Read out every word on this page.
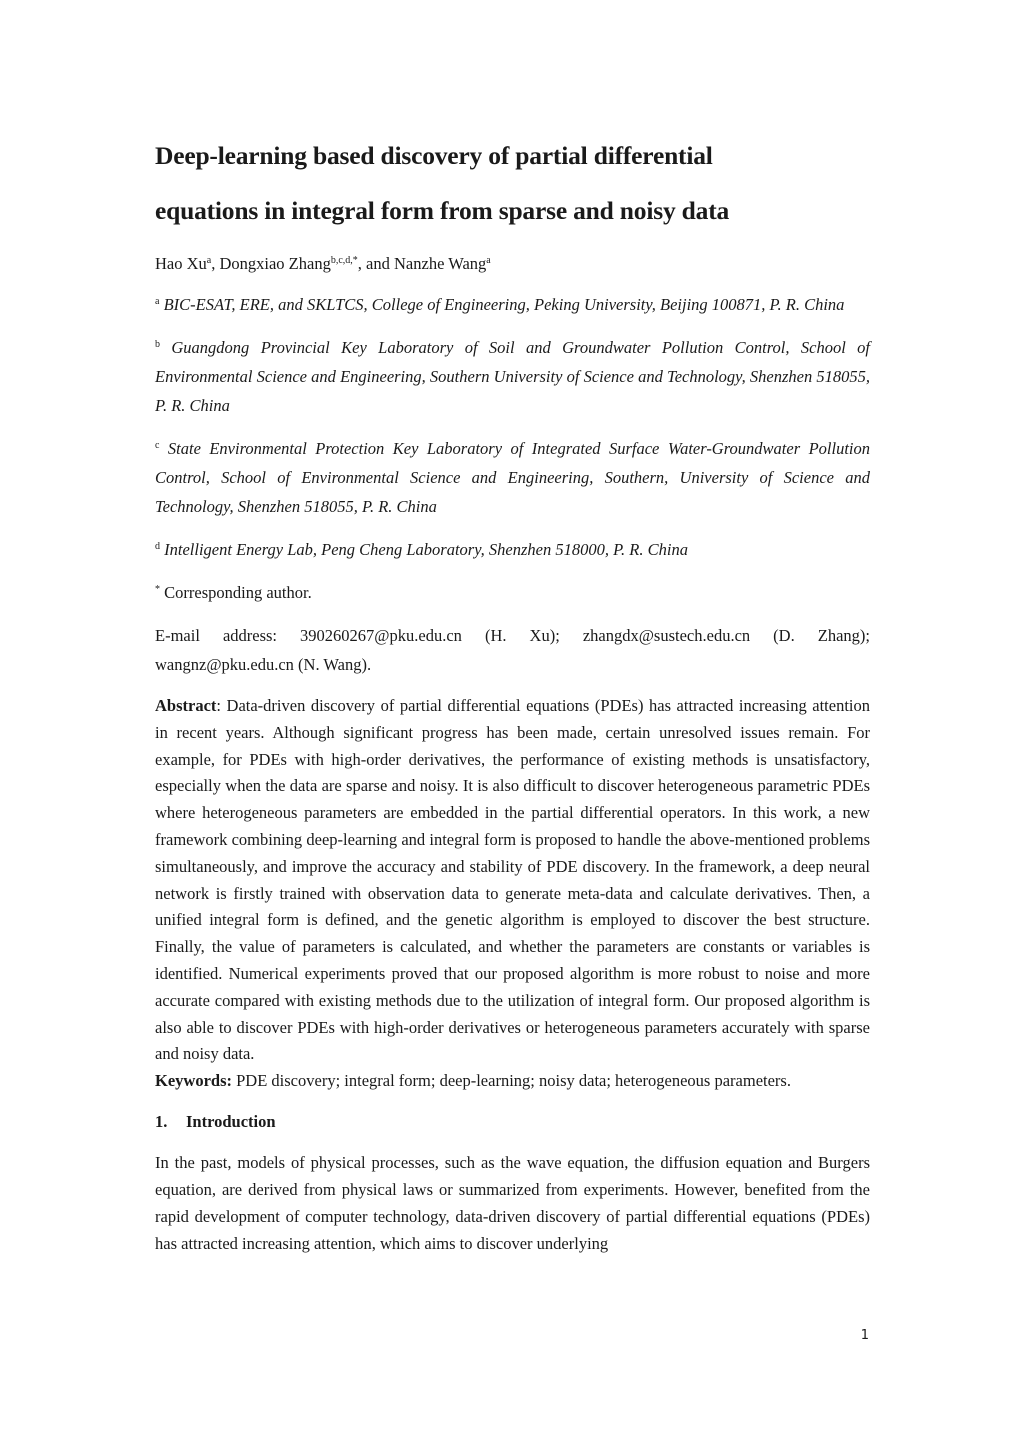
Deep-learning based discovery of partial differential
equations in integral form from sparse and noisy data

Hao Xu$^a$, Dongxiao Zhang$^{b,c,d,*}$, and Nanzhe Wang$^a$

$^a$ BIC-ESAT, ERE, and SKLTCS, College of Engineering, Peking University, Beijing 100871, P. R. China

$^b$ Guangdong Provincial Key Laboratory of Soil and Groundwater Pollution Control, School of Environmental Science and Engineering, Southern University of Science and Technology, Shenzhen 518055, P. R. China

$^c$ State Environmental Protection Key Laboratory of Integrated Surface Water-Groundwater Pollution Control, School of Environmental Science and Engineering, Southern, University of Science and Technology, Shenzhen 518055, P. R. China

$^d$ Intelligent Energy Lab, Peng Cheng Laboratory, Shenzhen 518000, P. R. China

* Corresponding author.

E-mail address: 390260267@pku.edu.cn (H. Xu); zhangdx@sustech.edu.cn (D. Zhang); wangnz@pku.edu.cn (N. Wang).

Abstract: Data-driven discovery of partial differential equations (PDEs) has attracted increasing attention in recent years. Although significant progress has been made, certain unresolved issues remain. For example, for PDEs with high-order derivatives, the performance of existing methods is unsatisfactory, especially when the data are sparse and noisy. It is also difficult to discover heterogeneous parametric PDEs where heterogeneous parameters are embedded in the partial differential operators. In this work, a new framework combining deep-learning and integral form is proposed to handle the above-mentioned problems simultaneously, and improve the accuracy and stability of PDE discovery. In the framework, a deep neural network is firstly trained with observation data to generate meta-data and calculate derivatives. Then, a unified integral form is defined, and the genetic algorithm is employed to discover the best structure. Finally, the value of parameters is calculated, and whether the parameters are constants or variables is identified. Numerical experiments proved that our proposed algorithm is more robust to noise and more accurate compared with existing methods due to the utilization of integral form. Our proposed algorithm is also able to discover PDEs with high-order derivatives or heterogeneous parameters accurately with sparse and noisy data.

Keywords: PDE discovery; integral form; deep-learning; noisy data; heterogeneous parameters.

1. Introduction

In the past, models of physical processes, such as the wave equation, the diffusion equation and Burgers equation, are derived from physical laws or summarized from experiments. However, benefited from the rapid development of computer technology, data-driven discovery of partial differential equations (PDEs) has attracted increasing attention, which aims to discover underlying

1
